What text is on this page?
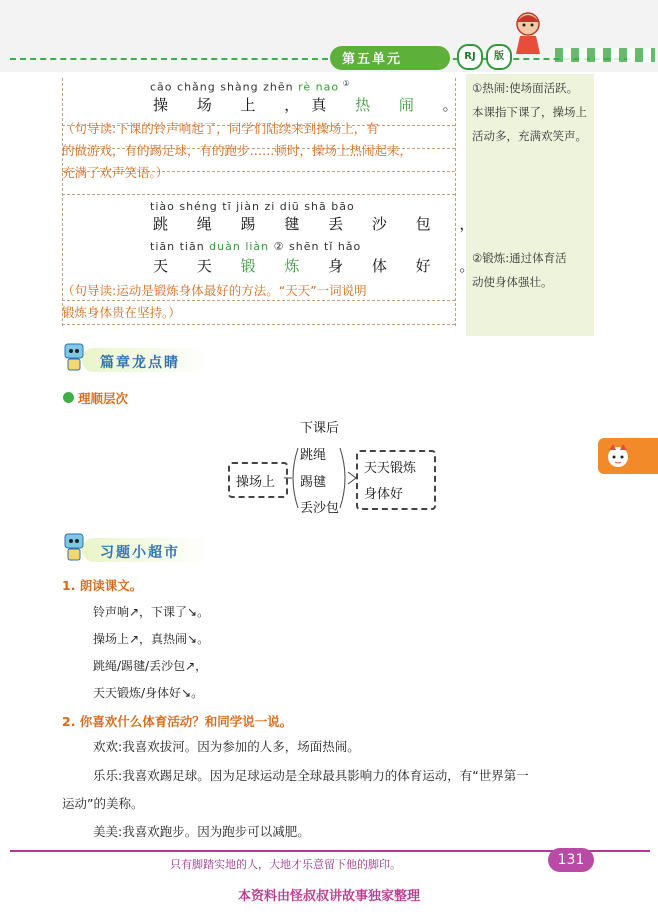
第五单元	RJ	版
cāo chǎng shàng zhēn rè nao ①
操 场 上 ，真 热 闹 。
（句导读:下课的铃声响起了，同学们陆续来到操场上，有
的做游戏，有的踢足球，有的跑步……顿时，操场上热闹起来，
充满了欢声笑语。）
tiào shéng tī jiàn zi diū shā bāo
跳 绳 踢 毽 丢 沙 包 ，
tiān tiān duàn liàn ② shēn tǐ hǎo
天 天 锻 炼 身 体 好 。
（句导读:运动是锻炼身体最好的方法。“天天”一词说明
锻炼身体贵在坚持。）
①热闹:使场面活跃。
本课指下课了，操场上
活动多，充满欢笑声。
②锻炼:通过体育活
动使身体强壮。
篇章龙点睛
理顺层次
下课后
操场上
跳绳
踢毽
丢沙包
天天锻炼
身体好
习题小超市
1. 朗读课文。
铃声响↗，下课了↘。
操场上↗，真热闹↘。
跳绳/踢毽/丢沙包↗，
天天锻炼/身体好↘。
2. 你喜欢什么体育活动？和同学说一说。
欢欢:我喜欢拔河。因为参加的人多，场面热闹。
乐乐:我喜欢踢足球。因为足球运动是全球最具影响力的体育运动，有“世界第一
运动”的美称。
美美:我喜欢跑步。因为跑步可以减肥。
只有脚踏实地的人，大地才乐意留下他的脚印。	131
本资料由怪叔叔讲故事独家整理
